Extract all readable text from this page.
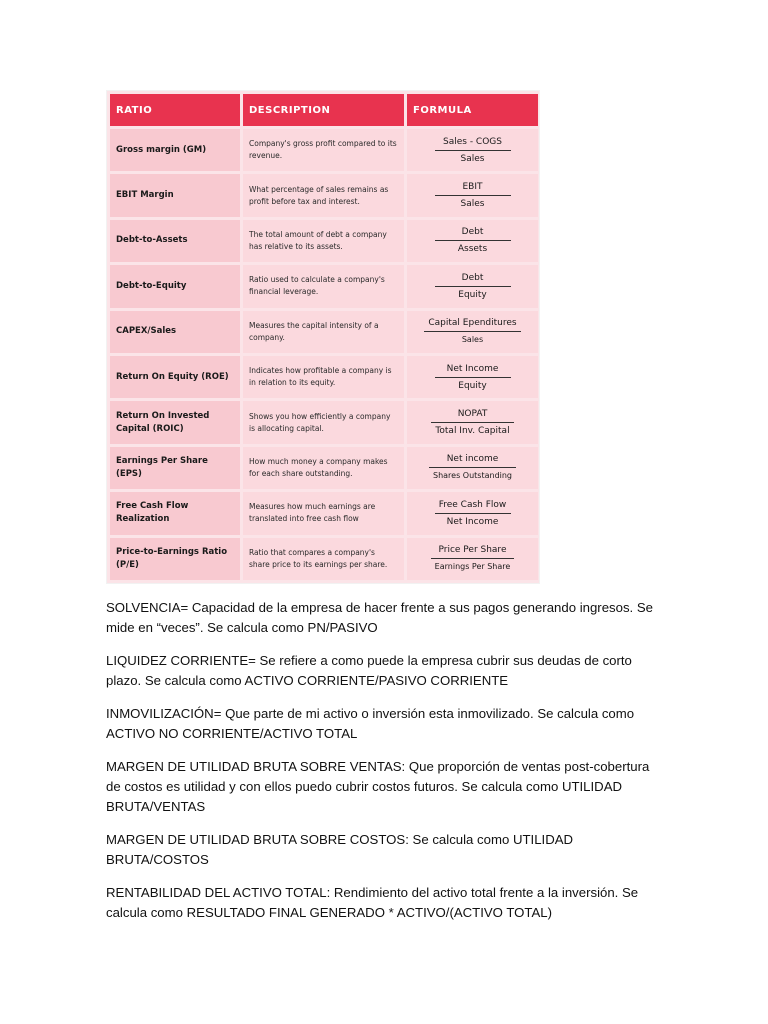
RATIO	DESCRIPTION	FORMULA
Gross margin (GM)	Company's gross profit compared to its revenue.	$\frac{\text{Sales - COGS}}{\text{Sales}}$

EBIT Margin	What percentage of sales remains as profit before tax and interest.	$\frac{\text{EBIT}}{\text{Sales}}$

Debt-to-Assets	The total amount of debt a company has relative to its assets.	$\frac{\text{Debt}}{\text{Assets}}$

Debt-to-Equity	Ratio used to calculate a company's financial leverage.	$\frac{\text{Debt}}{\text{Equity}}$

CAPEX/Sales	Measures the capital intensity of a company.	$\frac{\text{Capital Ependitures}}{\text{Sales}}$

Return On Equity (ROE)	Indicates how profitable a company is in relation to its equity.	$\frac{\text{Net Income}}{\text{Equity}}$

Return On Invested Capital (ROIC)	Shows you how efficiently a company is allocating capital.	$\frac{\text{NOPAT}}{\text{Total Inv. Capital}}$

Earnings Per Share (EPS)	How much money a company makes for each share outstanding.	$\frac{\text{Net income}}{\text{Shares Outstanding}}$

Free Cash Flow Realization	Measures how much earnings are translated into free cash flow	$\frac{\text{Free Cash Flow}}{\text{Net Income}}$

Price-to-Earnings Ratio (P/E)	Ratio that compares a company's share price to its earnings per share.	$\frac{\text{Price Per Share}}{\text{Earnings Per Share}}$

SOLVENCIA= Capacidad de la empresa de hacer frente a sus pagos generando ingresos. Se mide en “veces”. Se calcula como PN/PASIVO

LIQUIDEZ CORRIENTE= Se refiere a como puede la empresa cubrir sus deudas de corto plazo. Se calcula como ACTIVO CORRIENTE/PASIVO CORRIENTE

INMOVILIZACIÓN= Que parte de mi activo o inversión esta inmovilizado. Se calcula como ACTIVO NO CORRIENTE/ACTIVO TOTAL

MARGEN DE UTILIDAD BRUTA SOBRE VENTAS: Que proporción de ventas post-cobertura de costos es utilidad y con ellos puedo cubrir costos futuros. Se calcula como UTILIDAD BRUTA/VENTAS

MARGEN DE UTILIDAD BRUTA SOBRE COSTOS: Se calcula como UTILIDAD BRUTA/COSTOS

RENTABILIDAD DEL ACTIVO TOTAL: Rendimiento del activo total frente a la inversión. Se calcula como RESULTADO FINAL GENERADO * ACTIVO/(ACTIVO TOTAL)
